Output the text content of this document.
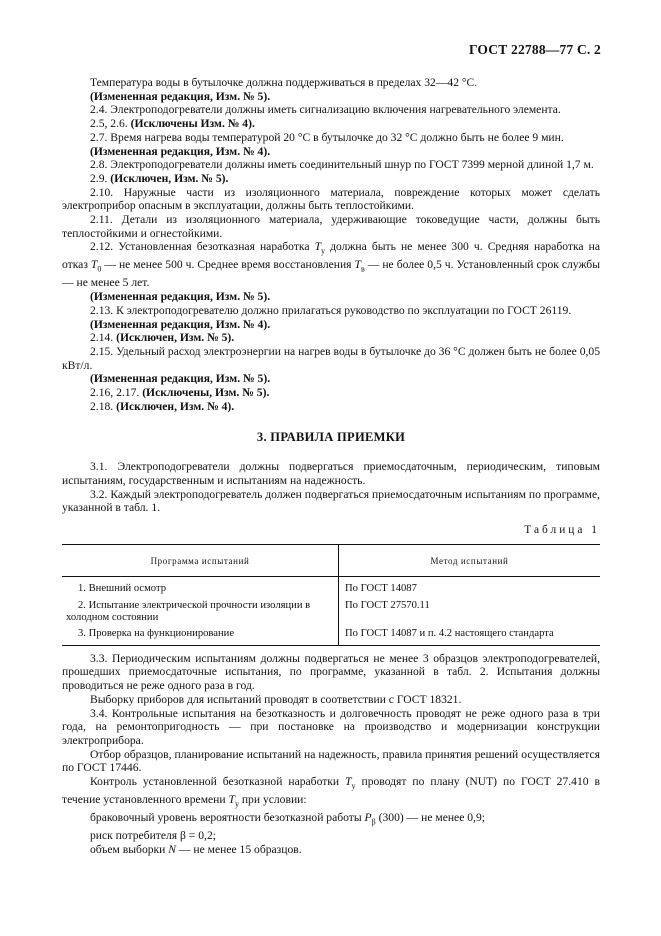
ГОСТ 22788—77 С. 2

Температура воды в бутылочке должна поддерживаться в пределах 32—42 °С.

(Измененная редакция, Изм. № 5).

2.4. Электроподогреватели должны иметь сигнализацию включения нагревательного элемента.

2.5, 2.6. (Исключены Изм. № 4).

2.7. Время нагрева воды температурой 20 °С в бутылочке до 32 °С должно быть не более 9 мин.

(Измененная редакция, Изм. № 4).

2.8. Электроподогреватели должны иметь соединительный шнур по ГОСТ 7399 мерной длиной 1,7 м.

2.9. (Исключен, Изм. № 5).

2.10. Наружные части из изоляционного материала, повреждение которых может сделать электроприбор опасным в эксплуатации, должны быть теплостойкими.

2.11. Детали из изоляционного материала, удерживающие токоведущие части, должны быть теплостойкими и огнестойкими.

2.12. Установленная безотказная наработка $T_у$ должна быть не менее 300 ч. Средняя наработка на отказ $T_0$ — не менее 500 ч. Среднее время восстановления $T_в$ — не более 0,5 ч. Установленный срок службы — не менее 5 лет.

(Измененная редакция, Изм. № 5).

2.13. К электроподогревателю должно прилагаться руководство по эксплуатации по ГОСТ 26119.

(Измененная редакция, Изм. № 4).

2.14. (Исключен, Изм. № 5).

2.15. Удельный расход электроэнергии на нагрев воды в бутылочке до 36 °С должен быть не более 0,05 кВт/л.

(Измененная редакция, Изм. № 5).

2.16, 2.17. (Исключены, Изм. № 5).

2.18. (Исключен, Изм. № 4).

3. ПРАВИЛА ПРИЕМКИ

3.1. Электроподогреватели должны подвергаться приемосдаточным, периодическим, типовым испытаниям, государственным и испытаниям на надежность.

3.2. Каждый электроподогреватель должен подвергаться приемосдаточным испытаниям по программе, указанной в табл. 1.

Таблица 1
Программа испытаний	Метод испытаний
1. Внешний осмотр	По ГОСТ 14087
2. Испытание электрической прочности изоляции в холодном состоянии	По ГОСТ 27570.11
3. Проверка на функционирование	По ГОСТ 14087 и п. 4.2 настоящего стандарта

3.3. Периодическим испытаниям должны подвергаться не менее 3 образцов электроподогревателей, прошедших приемосдаточные испытания, по программе, указанной в табл. 2. Испытания должны проводиться не реже одного раза в год.

Выборку приборов для испытаний проводят в соответствии с ГОСТ 18321.

3.4. Контрольные испытания на безотказность и долговечность проводят не реже одного раза в три года, на ремонтопригодность — при постановке на производство и модернизации конструкции электроприбора.

Отбор образцов, планирование испытаний на надежность, правила принятия решений осуществляется по ГОСТ 17446.

Контроль установленной безотказной наработки $T_у$ проводят по плану (NUT) по ГОСТ 27.410 в течение установленного времени $T_у$ при условии:

браковочный уровень вероятности безотказной работы $P_\beta$ (300) — не менее 0,9;

риск потребителя β = 0,2;

объем выборки N — не менее 15 образцов.
